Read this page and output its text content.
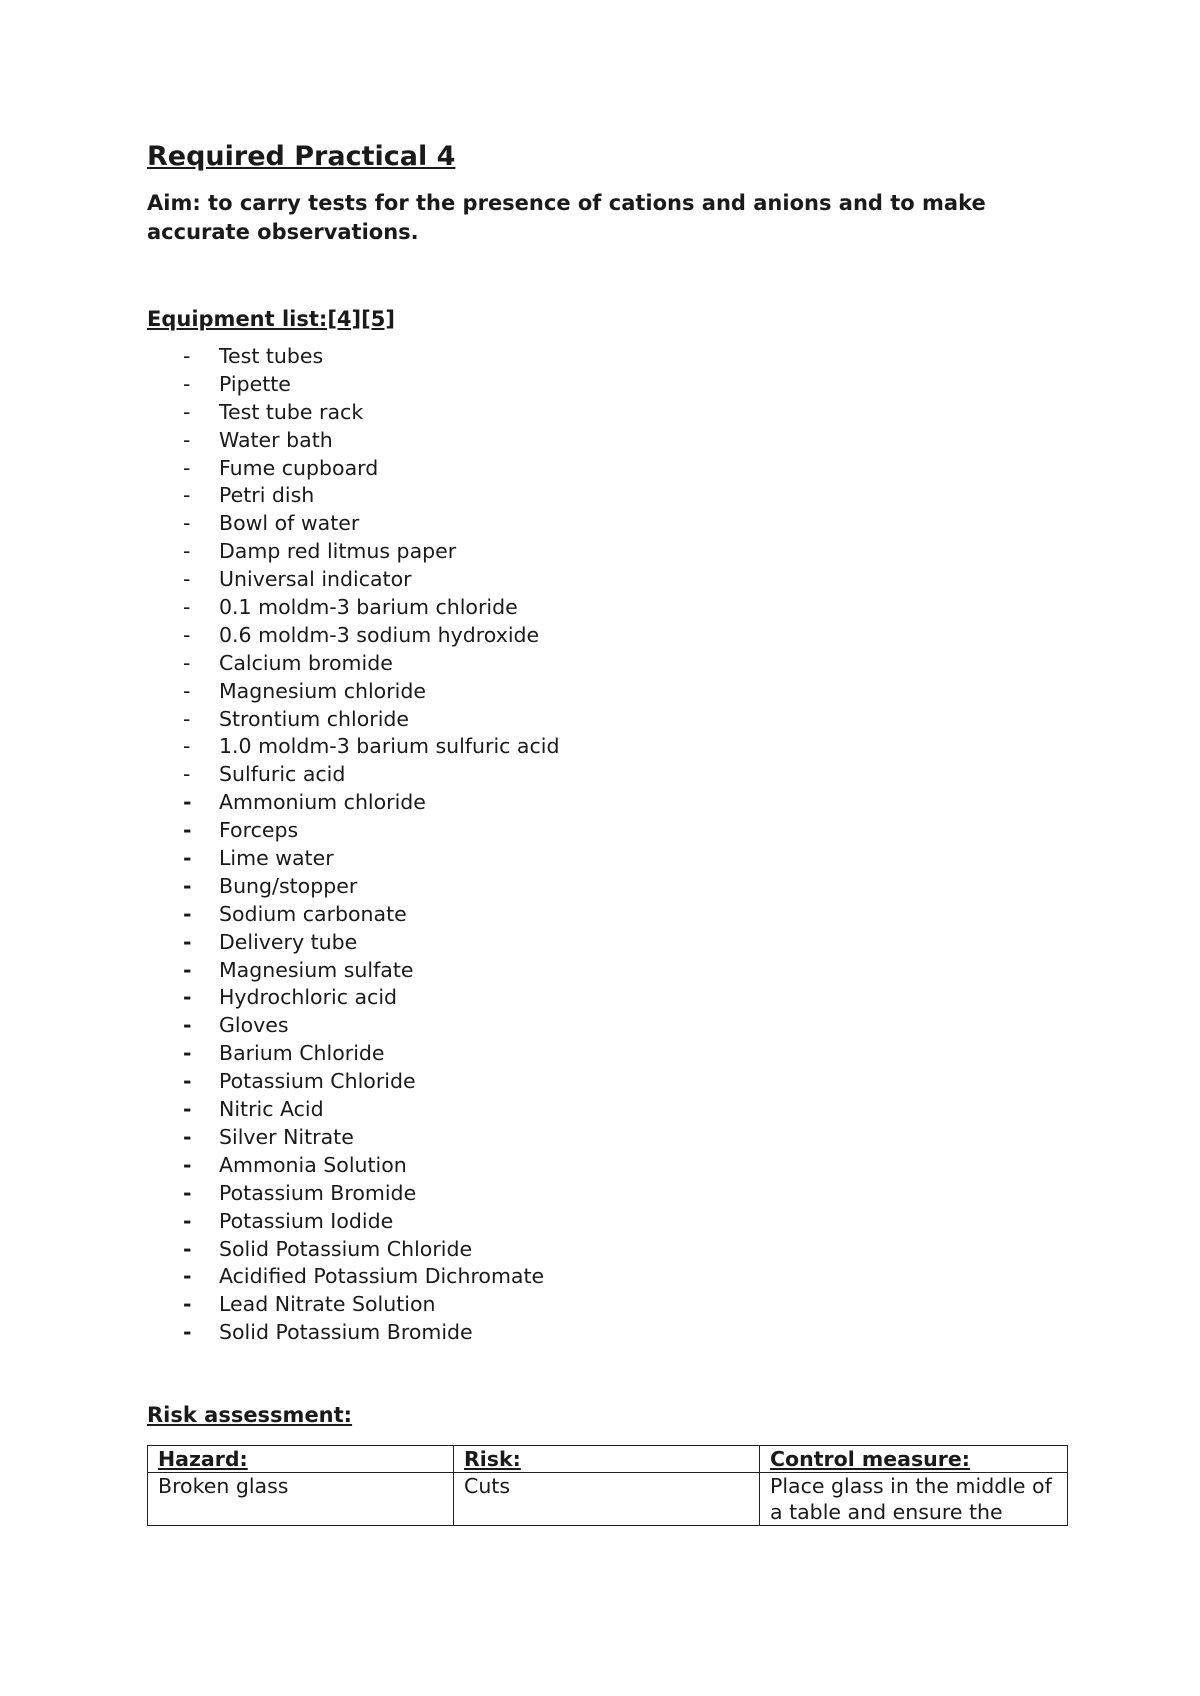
Required Practical 4

Aim: to carry tests for the presence of cations and anions and to make accurate observations.

Equipment list:[4][5]
-	Test tubes
-	Pipette
-	Test tube rack
-	Water bath
-	Fume cupboard
-	Petri dish
-	Bowl of water
-	Damp red litmus paper
-	Universal indicator
-	0.1 moldm-3 barium chloride
-	0.6 moldm-3 sodium hydroxide
-	Calcium bromide
-	Magnesium chloride
-	Strontium chloride
-	1.0 moldm-3 barium sulfuric acid
-	Sulfuric acid
-	Ammonium chloride
-	Forceps
-	Lime water
-	Bung/stopper
-	Sodium carbonate
-	Delivery tube
-	Magnesium sulfate
-	Hydrochloric acid
-	Gloves
-	Barium Chloride
-	Potassium Chloride
-	Nitric Acid
-	Silver Nitrate
-	Ammonia Solution
-	Potassium Bromide
-	Potassium Iodide
-	Solid Potassium Chloride
-	Acidified Potassium Dichromate
-	Lead Nitrate Solution
-	Solid Potassium Bromide
Risk assessment:
Hazard:	Risk:	Control measure:
Broken glass	Cuts	Place glass in the middle of a table and ensure the
